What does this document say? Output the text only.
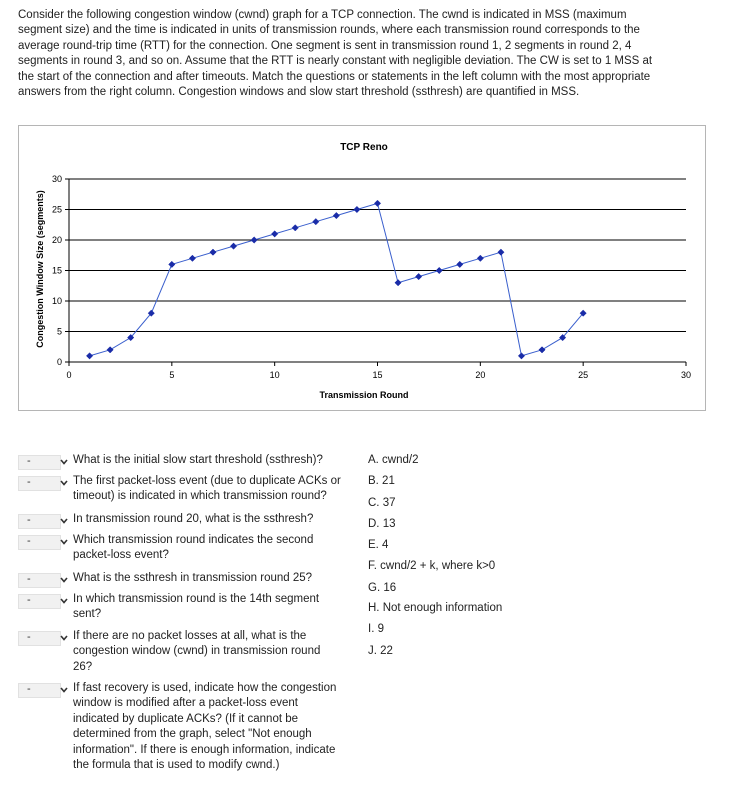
Consider the following congestion window (cwnd) graph for a TCP connection. The cwnd is indicated in MSS (maximum
segment size) and the time is indicated in units of transmission rounds, where each transmission round corresponds to the
average round-trip time (RTT) for the connection. One segment is sent in transmission round 1, 2 segments in round 2, 4
segments in round 3, and so on. Assume that the RTT is nearly constant with negligible deviation. The CW is set to 1 MSS at
the start of the connection and after timeouts. Match the questions or statements in the left column with the most appropriate
answers from the right column. Congestion windows and slow start threshold (ssthresh) are quantified in MSS.
0
5
10
15
20
25
30
0	5	10	15	20	25	30
TCP Reno
Transmission Round
Congestion Window Size (segments)
-	What is the initial slow start threshold (ssthresh)?
-	The first packet-loss event (due to duplicate ACKs or
timeout) is indicated in which transmission round?
-	In transmission round 20, what is the ssthresh?
-	Which transmission round indicates the second
packet-loss event?
-	What is the ssthresh in transmission round 25?
-	In which transmission round is the 14th segment
sent?
-	If there are no packet losses at all, what is the
congestion window (cwnd) in transmission round
26?
-	If fast recovery is used, indicate how the congestion
window is modified after a packet-loss event
indicated by duplicate ACKs? (If it cannot be
determined from the graph, select "Not enough
information". If there is enough information, indicate
the formula that is used to modify cwnd.)
A. cwnd/2
B. 21
C. 37
D. 13
E. 4
F. cwnd/2 + k, where k>0
G. 16
H. Not enough information
I. 9
J. 22
